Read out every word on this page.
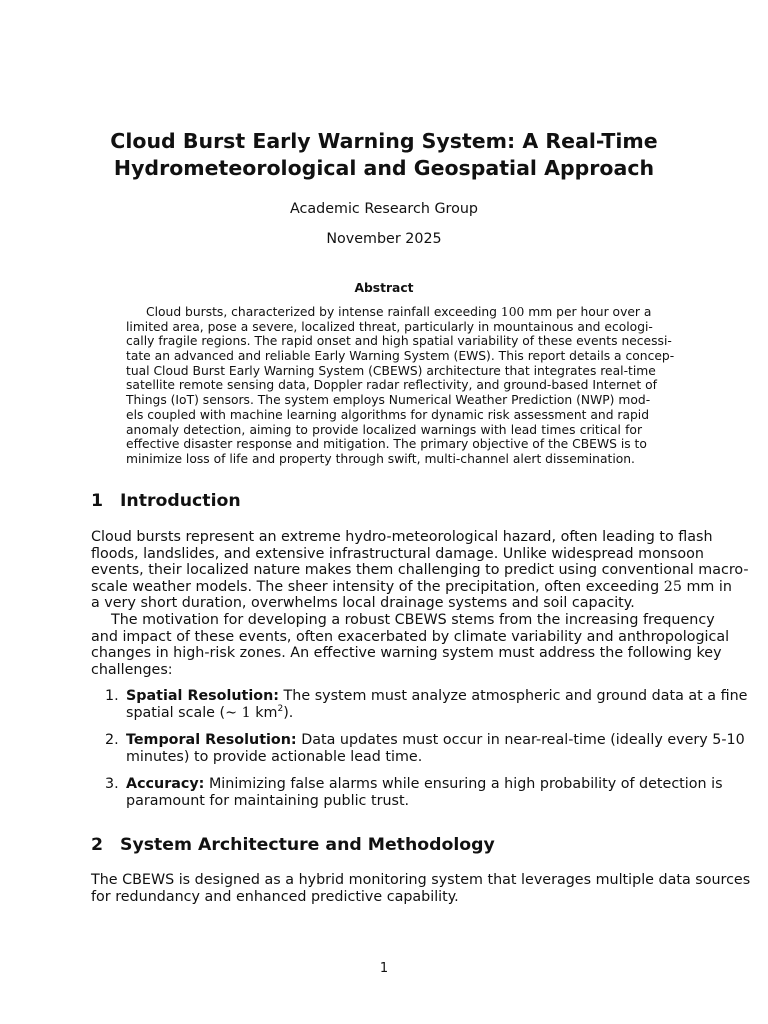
Cloud Burst Early Warning System: A Real-Time
Hydrometeorological and Geospatial Approach
Academic Research Group
November 2025
Abstract
Cloud bursts, characterized by intense rainfall exceeding 100 mm per hour over a
limited area, pose a severe, localized threat, particularly in mountainous and ecologi-
cally fragile regions. The rapid onset and high spatial variability of these events necessi-
tate an advanced and reliable Early Warning System (EWS). This report details a concep-
tual Cloud Burst Early Warning System (CBEWS) architecture that integrates real-time
satellite remote sensing data, Doppler radar reflectivity, and ground-based Internet of
Things (IoT) sensors. The system employs Numerical Weather Prediction (NWP) mod-
els coupled with machine learning algorithms for dynamic risk assessment and rapid
anomaly detection, aiming to provide localized warnings with lead times critical for
effective disaster response and mitigation. The primary objective of the CBEWS is to
minimize loss of life and property through swift, multi-channel alert dissemination.
1 Introduction
Cloud bursts represent an extreme hydro-meteorological hazard, often leading to flash
floods, landslides, and extensive infrastructural damage. Unlike widespread monsoon
events, their localized nature makes them challenging to predict using conventional macro-
scale weather models. The sheer intensity of the precipitation, often exceeding 25 mm in
a very short duration, overwhelms local drainage systems and soil capacity.
The motivation for developing a robust CBEWS stems from the increasing frequency
and impact of these events, often exacerbated by climate variability and anthropological
changes in high-risk zones. An effective warning system must address the following key
challenges:
1. Spatial Resolution: The system must analyze atmospheric and ground data at a fine
spatial scale (∼ 1 $km^2$).
2. Temporal Resolution: Data updates must occur in near-real-time (ideally every 5-10
minutes) to provide actionable lead time.
3. Accuracy: Minimizing false alarms while ensuring a high probability of detection is
paramount for maintaining public trust.
2 System Architecture and Methodology
The CBEWS is designed as a hybrid monitoring system that leverages multiple data sources
for redundancy and enhanced predictive capability.
1
